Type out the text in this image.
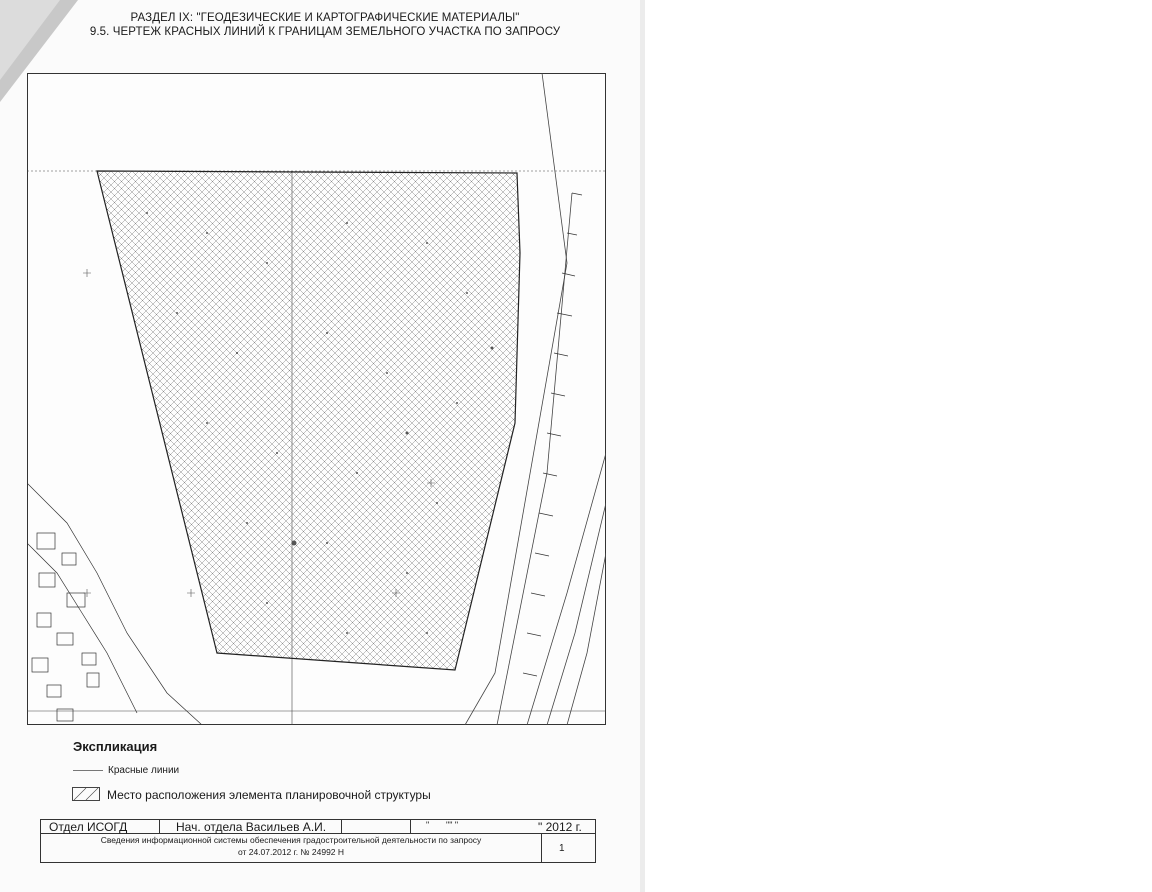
РАЗДЕЛ IX: "ГЕОДЕЗИЧЕСКИЕ И КАРТОГРАФИЧЕСКИЕ МАТЕРИАЛЫ"
9.5. ЧЕРТЕЖ КРАСНЫХ ЛИНИЙ К ГРАНИЦАМ ЗЕМЕЛЬНОГО УЧАСТКА ПО ЗАПРОСУ
Экспликация
Красные линии
Место расположения элемента планировочной структуры
Отдел ИСОГД	Нач. отдела Васильев А.И.	" "" "	" 2012 г.
Сведения информационной системы обеспечения градостроительной деятельности по запросу
от 24.07.2012 г. № 24992 Н	1
